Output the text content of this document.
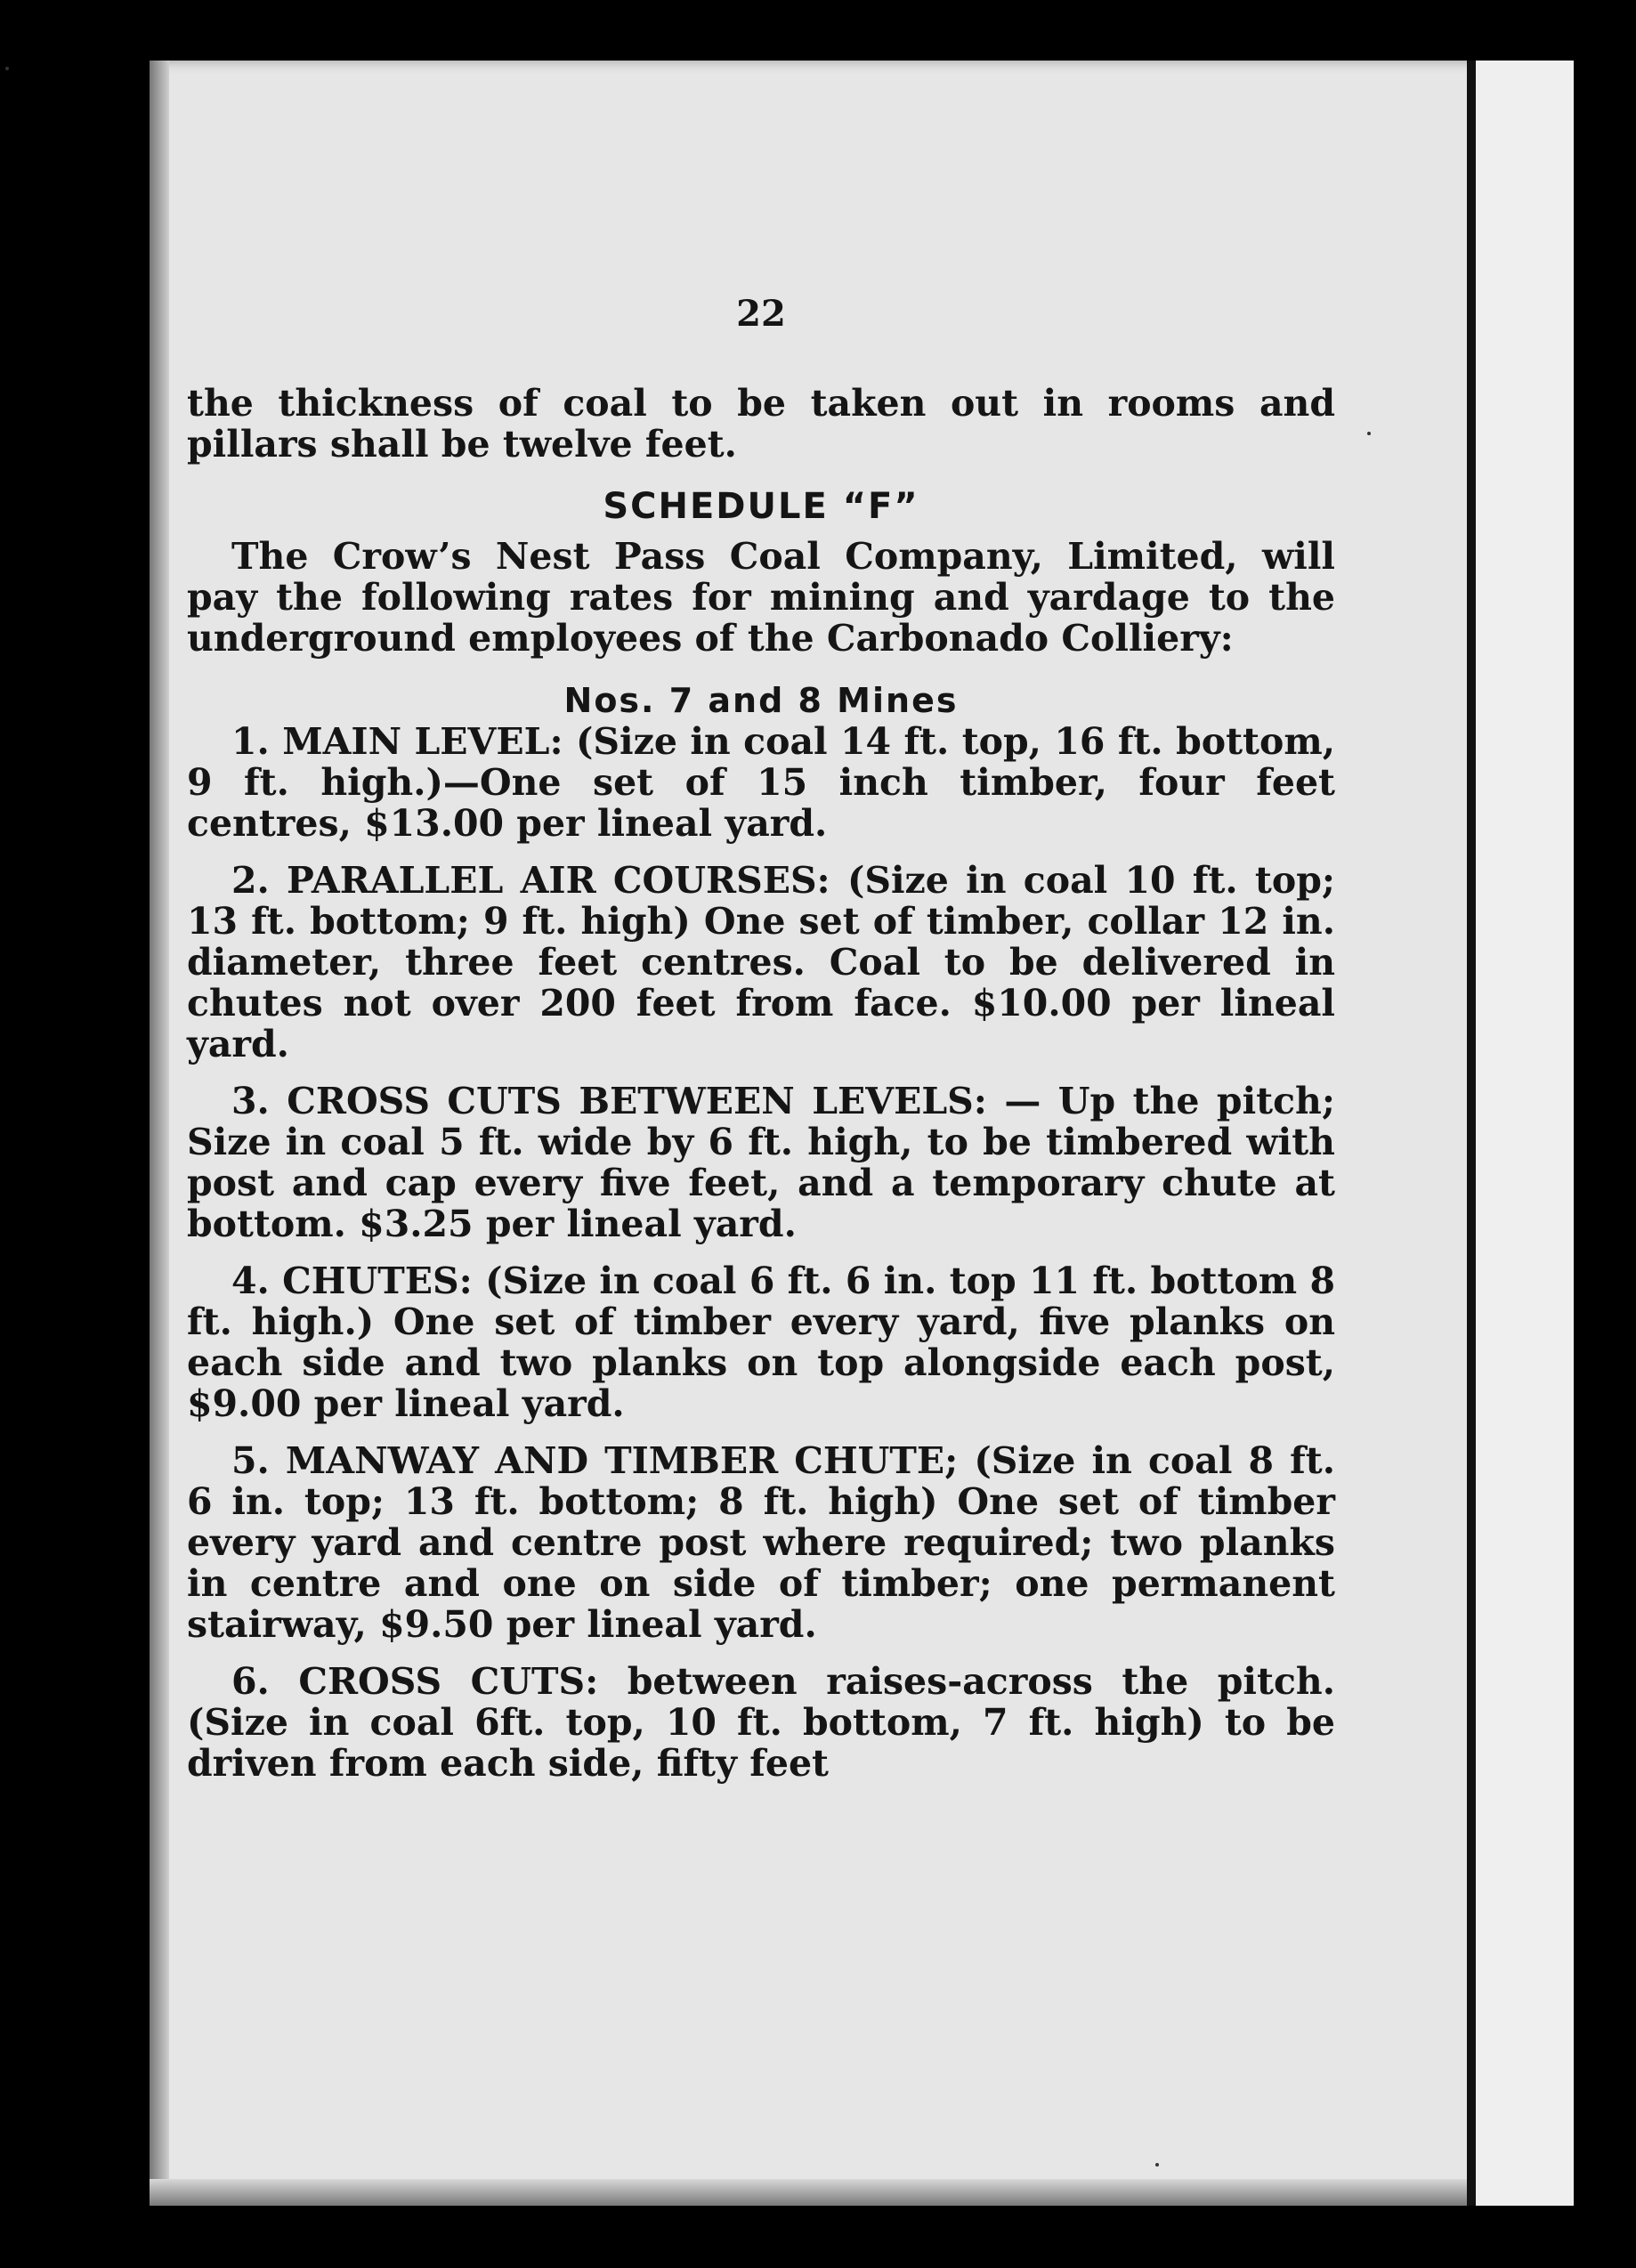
22

the thickness of coal to be taken out in rooms and pillars shall be twelve feet.

SCHEDULE “F”

The Crow’s Nest Pass Coal Company, Limited, will pay the following rates for mining and yardage to the underground employees of the Carbonado Colliery:

Nos. 7 and 8 Mines

1. MAIN LEVEL: (Size in coal 14 ft. top, 16 ft. bottom, 9 ft. high.)—One set of 15 inch timber, four feet centres, $13.00 per lineal yard.

2. PARALLEL AIR COURSES: (Size in coal 10 ft. top; 13 ft. bottom; 9 ft. high) One set of timber, collar 12 in. diameter, three feet centres. Coal to be delivered in chutes not over 200 feet from face. $10.00 per lineal yard.

3. CROSS CUTS BETWEEN LEVELS: — Up the pitch; Size in coal 5 ft. wide by 6 ft. high, to be timbered with post and cap every five feet, and a temporary chute at bottom. $3.25 per lineal yard.

4. CHUTES: (Size in coal 6 ft. 6 in. top 11 ft. bottom 8 ft. high.) One set of timber every yard, five planks on each side and two planks on top alongside each post, $9.00 per lineal yard.

5. MANWAY AND TIMBER CHUTE; (Size in coal 8 ft. 6 in. top; 13 ft. bottom; 8 ft. high) One set of timber every yard and centre post where required; two planks in centre and one on side of timber; one permanent stairway, $9.50 per lineal yard.

6. CROSS CUTS: between raises-across the pitch. (Size in coal 6ft. top, 10 ft. bottom, 7 ft. high) to be driven from each side, fifty feet
